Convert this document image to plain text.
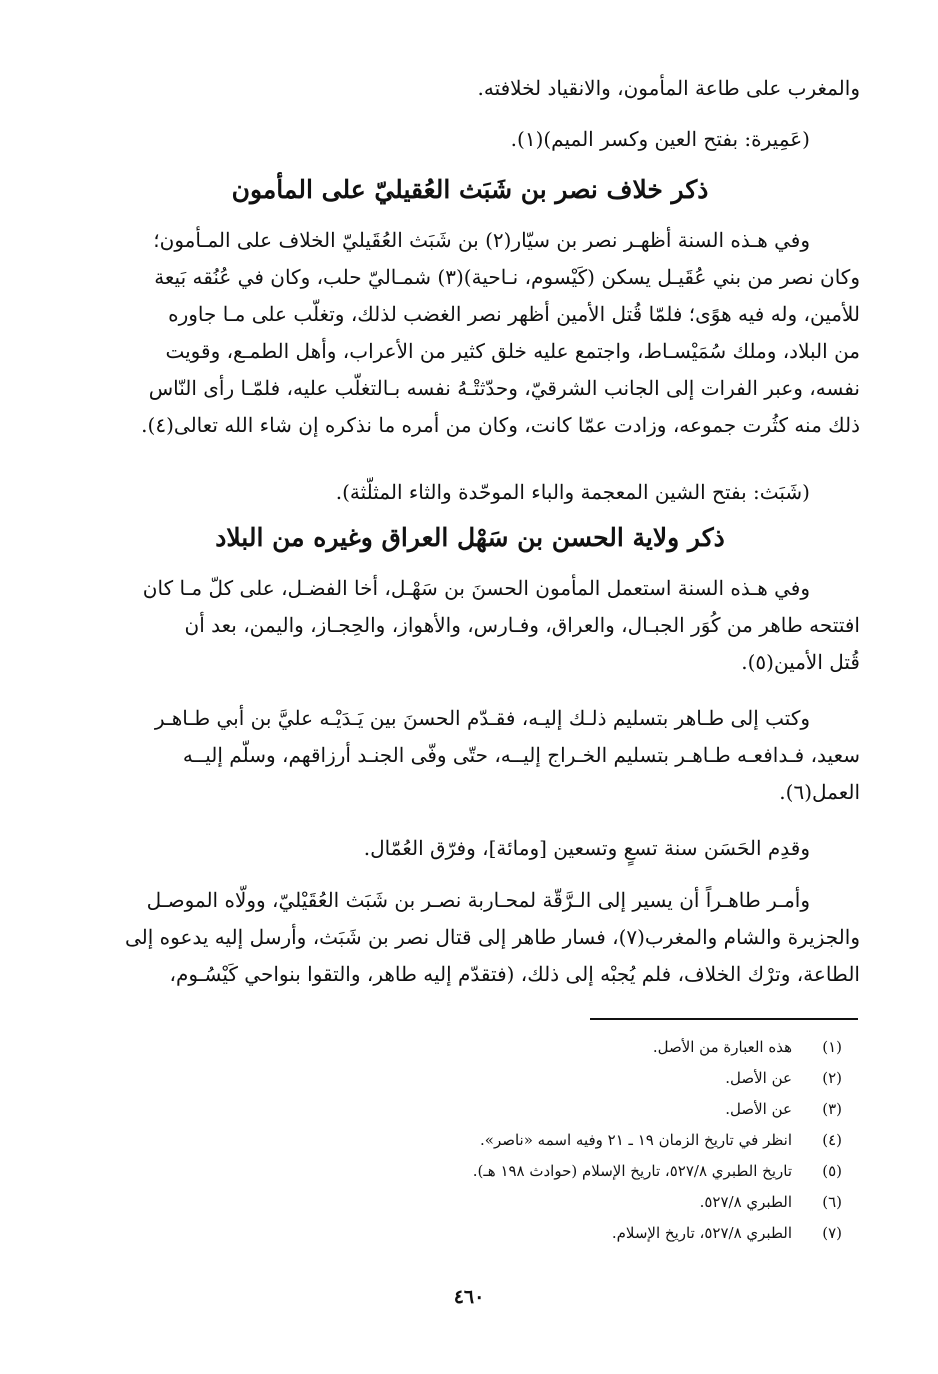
والمغرب على طاعة المأمون، والانقياد لخلافته.
(عَمِيرة: بفتح العين وكسر الميم)(١).
ذكر خلاف نصر بن شَبَث العُقيليّ على المأمون
وفي هـذه السنة أظهـر نصر بن سيّار(٢) بن شَبَث العُقَيليّ الخلاف على المـأمون؛
وكان نصر من بني عُقَيـل يسكن (كَيْسوم، نـاحية)(٣) شمـاليّ حلب، وكان في عُنُقه بَيعة
للأمين، وله فيه هوًى؛ فلمّا قُتل الأمين أظهر نصر الغضب لذلك، وتغلّب على مـا جاوره
من البلاد، وملك سُمَيْسـاط، واجتمع عليه خلق كثير من الأعراب، وأهل الطمـع، وقويت
نفسه، وعبر الفرات إلى الجانب الشرقيّ، وحدّثتْـهُ نفسه بـالتغلّب عليه، فلمّـا رأى النّاس
ذلك منه كثُرت جموعه، وزادت عمّا كانت، وكان من أمره ما نذكره إن شاء الله تعالى(٤).
(شَبَث: بفتح الشين المعجمة والباء الموحّدة والثاء المثلّثة).
ذكر ولاية الحسن بن سَهْل العراق وغيره من البلاد
وفي هـذه السنة استعمل المأمون الحسنَ بن سَهْـل، أخا الفضـل، على كلّ مـا كان
افتتحه طاهر من كُوَر الجبـال، والعراق، وفـارس، والأهواز، والحِجـاز، واليمن، بعد أن
قُتل الأمين(٥).
وكتب إلى طـاهر بتسليم ذلـك إليـه، فقـدّم الحسنَ بين يَـدَيْـه عليَّ بن أبي طـاهـر
سعيد، فـدافعـه طـاهـر بتسليم الخـراج إليــه، حتّى وفّى الجنـد أرزاقهم، وسلّم إليــه
العمل(٦).
وقدِم الحَسَن سنة تسعٍ وتسعين [ومائة]، وفرّق العُمّال.
وأمـر طاهـراً أن يسير إلى الـرَّقّة لمحـاربة نصـر بن شَبَث العُقَيْليّ، وولّاه الموصـل
والجزيرة والشام والمغرب(٧)، فسار طاهر إلى قتال نصر بن شَبَث، وأرسل إليه يدعوه إلى
الطاعة، وترْك الخلاف، فلم يُجبْه إلى ذلك، (فتقدّم إليه طاهر، والتقوا بنواحي كَيْسُـوم،
(١)
هذه العبارة من الأصل.
(٢)
عن الأصل.
(٣)
عن الأصل.
(٤)
انظر في تاريخ الزمان ١٩ ـ ٢١ وفيه اسمه «ناصر».
(٥)
تاريخ الطبري ٥٢٧/٨، تاريخ الإسلام (حوادث ١٩٨ هـ).
(٦)
الطبري ٥٢٧/٨.
(٧)
الطبري ٥٢٧/٨، تاريخ الإسلام.
٤٦٠
